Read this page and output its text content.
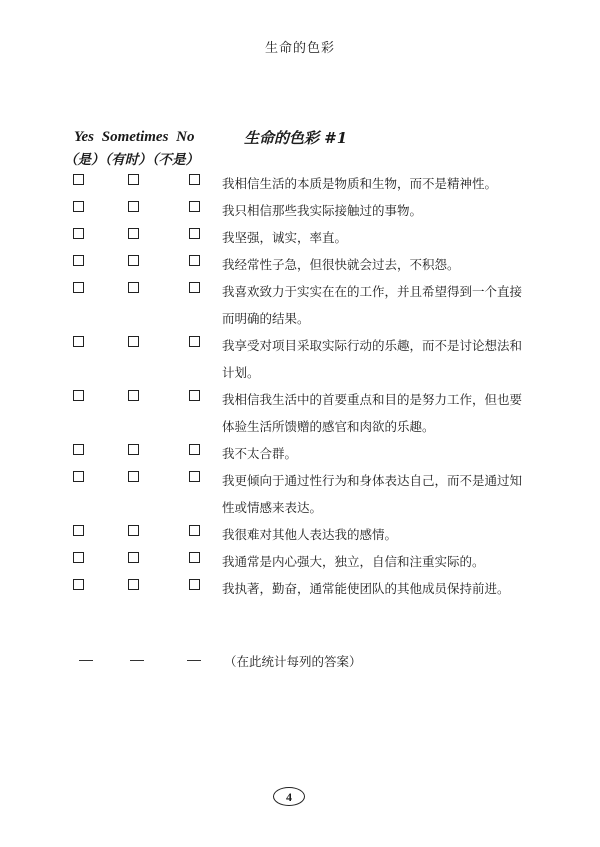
生命的色彩
Yes Sometimes No	生命的色彩 #1
（是）（有时）（不是）
我相信生活的本质是物质和生物，而不是精神性。
我只相信那些我实际接触过的事物。
我坚强，诚实，率直。
我经常性子急，但很快就会过去，不积怨。
我喜欢致力于实实在在的工作，并且希望得到一个直接而明确的结果。
我享受对项目采取实际行动的乐趣，而不是讨论想法和计划。
我相信我生活中的首要重点和目的是努力工作，但也要体验生活所馈赠的感官和肉欲的乐趣。
我不太合群。
我更倾向于通过性行为和身体表达自己，而不是通过知性或情感来表达。
我很难对其他人表达我的感情。
我通常是内心强大，独立，自信和注重实际的。
我执著，勤奋，通常能使团队的其他成员保持前进。
（在此统计每列的答案）
4
